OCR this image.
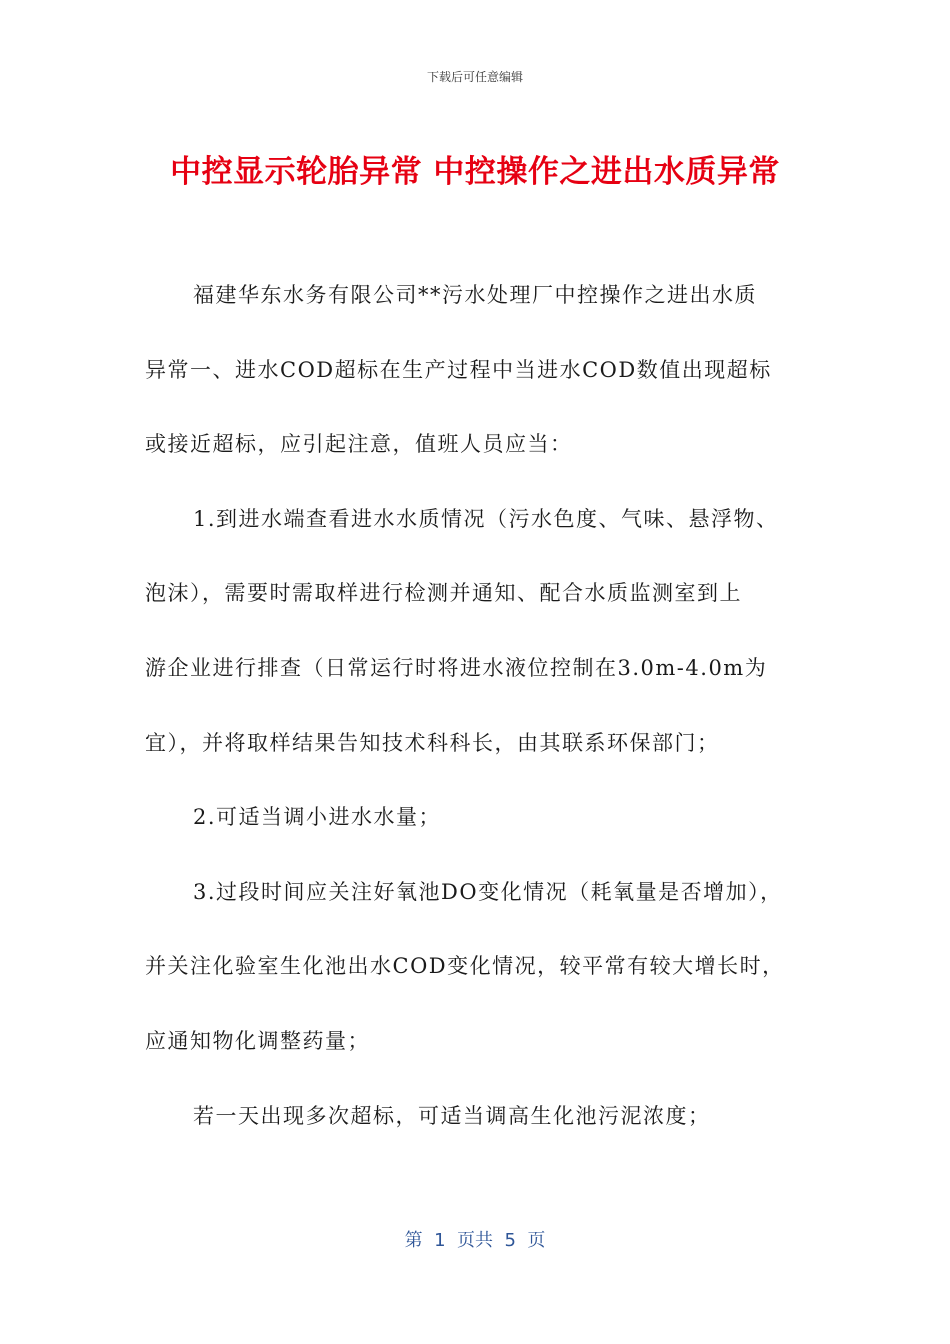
下载后可任意编辑
中控显示轮胎异常 中控操作之进出水质异常
福建华东水务有限公司**污水处理厂中控操作之进出水质
异常一、进水COD超标在生产过程中当进水COD数值出现超标
或接近超标，应引起注意，值班人员应当：
1.到进水端查看进水水质情况（污水色度、气味、悬浮物、
泡沫），需要时需取样进行检测并通知、配合水质监测室到上
游企业进行排查（日常运行时将进水液位控制在3.0m-4.0m为
宜），并将取样结果告知技术科科长，由其联系环保部门；
2.可适当调小进水水量；
3.过段时间应关注好氧池DO变化情况（耗氧量是否增加），
并关注化验室生化池出水COD变化情况，较平常有较大增长时，
应通知物化调整药量；
若一天出现多次超标，可适当调高生化池污泥浓度；
第  1  页共  5  页
